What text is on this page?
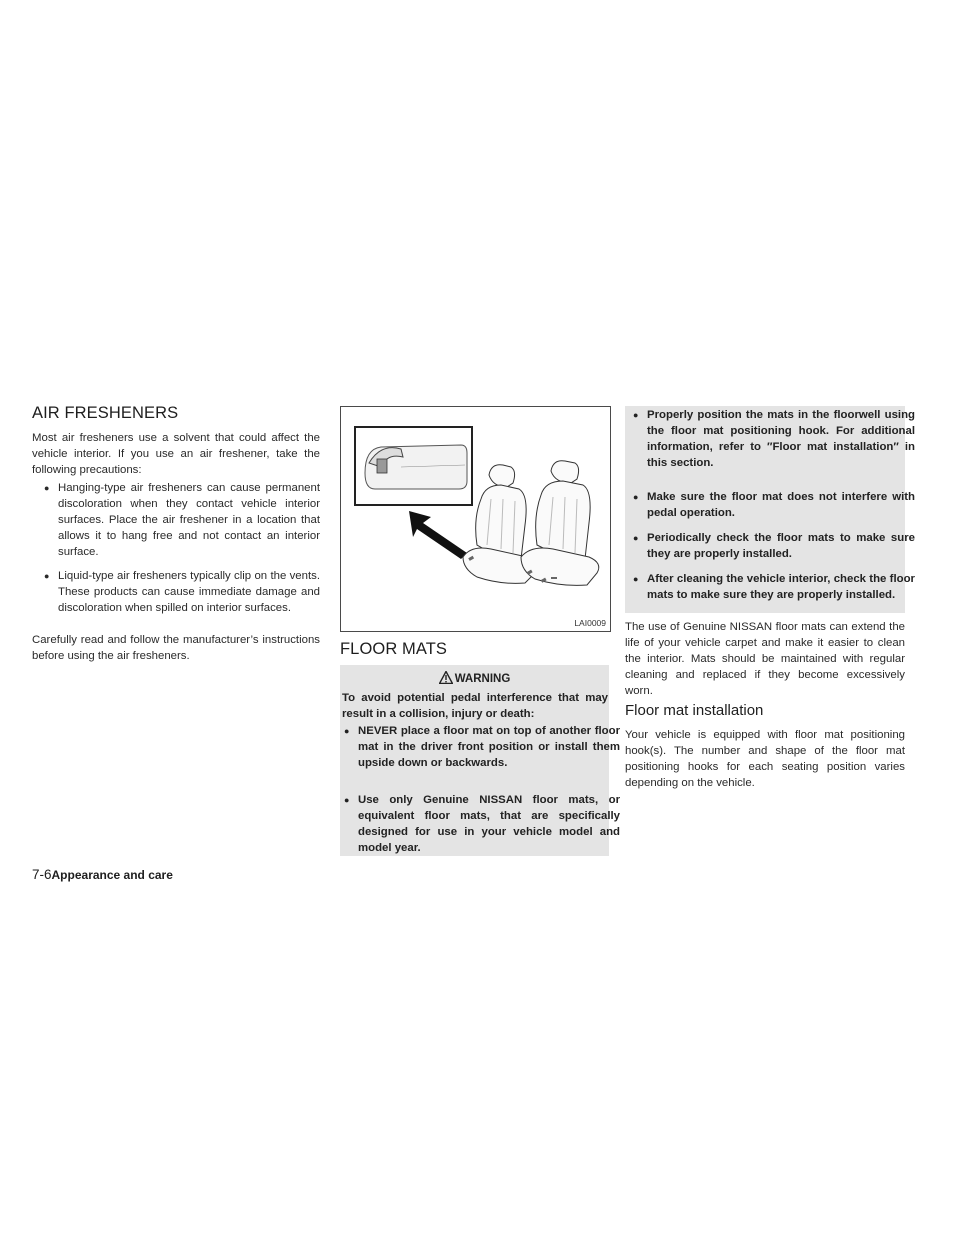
AIR FRESHENERS

Most air fresheners use a solvent that could affect the vehicle interior. If you use an air freshener, take the following precautions:

● Hanging-type air fresheners can cause permanent discoloration when they contact vehicle interior surfaces. Place the air freshener in a location that allows it to hang free and not contact an interior surface.

● Liquid-type air fresheners typically clip on the vents. These products can cause immediate damage and discoloration when spilled on interior surfaces.

Carefully read and follow the manufacturer’s instructions before using the air fresheners.

LAI0009
FLOOR MATS
WARNING

To avoid potential pedal interference that may result in a collision, injury or death:

● NEVER place a floor mat on top of another floor mat in the driver front position or install them upside down or backwards.

● Use only Genuine NISSAN floor mats, or equivalent floor mats, that are specifically designed for use in your vehicle model and model year.

● Properly position the mats in the floorwell using the floor mat positioning hook. For additional information, refer to ″Floor mat installation″ in this section.

● Make sure the floor mat does not interfere with pedal operation.

● Periodically check the floor mats to make sure they are properly installed.

● After cleaning the vehicle interior, check the floor mats to make sure they are properly installed.

The use of Genuine NISSAN floor mats can extend the life of your vehicle carpet and make it easier to clean the interior. Mats should be maintained with regular cleaning and replaced if they become excessively worn.

Floor mat installation

Your vehicle is equipped with floor mat positioning hook(s). The number and shape of the floor mat positioning hooks for each seating position varies depending on the vehicle.

7-6Appearance and care
